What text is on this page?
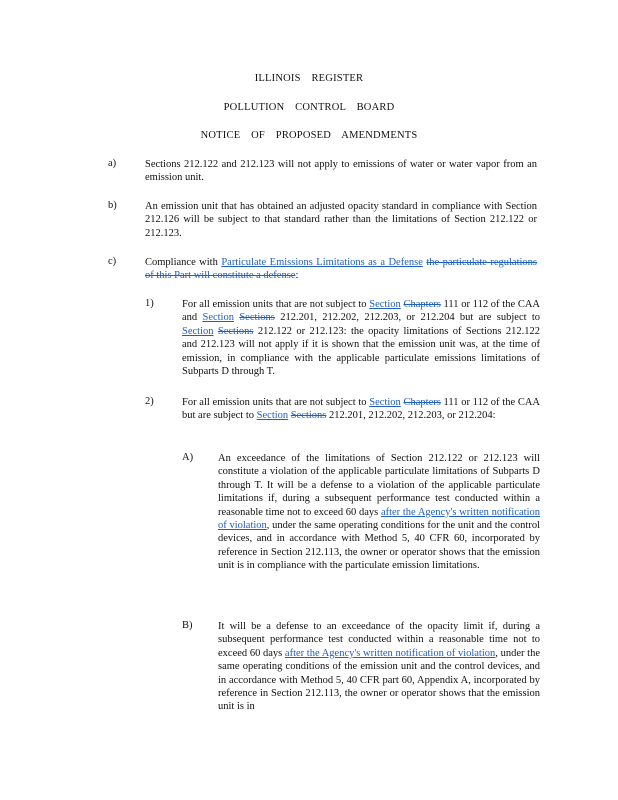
ILLINOIS REGISTER
POLLUTION CONTROL BOARD
NOTICE OF PROPOSED AMENDMENTS
a)	Sections 212.122 and 212.123 will not apply to emissions of water or water vapor from an emission unit.
b)	An emission unit that has obtained an adjusted opacity standard in compliance with Section 212.126 will be subject to that standard rather than the limitations of Section 212.122 or 212.123.
c)	Compliance with Particulate Emissions Limitations as a Defense the particulate regulations of this Part will constitute a defense:
1)	For all emission units that are not subject to Section Chapters 111 or 112 of the CAA and Section Sections 212.201, 212.202, 212.203, or 212.204 but are subject to Section Sections 212.122 or 212.123: the opacity limitations of Sections 212.122 and 212.123 will not apply if it is shown that the emission unit was, at the time of emission, in compliance with the applicable particulate emissions limitations of Subparts D through T.
2)	For all emission units that are not subject to Section Chapters 111 or 112 of the CAA but are subject to Section Sections 212.201, 212.202, 212.203, or 212.204:
A) An exceedance of the limitations of Section 212.122 or 212.123 will constitute a violation of the applicable particulate limitations of Subparts D through T. It will be a defense to a violation of the applicable particulate limitations if, during a subsequent performance test conducted within a reasonable time not to exceed 60 days after the Agency's written notification of violation, under the same operating conditions for the unit and the control devices, and in accordance with Method 5, 40 CFR 60, incorporated by reference in Section 212.113, the owner or operator shows that the emission unit is in compliance with the particulate emission limitations.
B) It will be a defense to an exceedance of the opacity limit if, during a subsequent performance test conducted within a reasonable time not to exceed 60 days after the Agency's written notification of violation, under the same operating conditions of the emission unit and the control devices, and in accordance with Method 5, 40 CFR part 60, Appendix A, incorporated by reference in Section 212.113, the owner or operator shows that the emission unit is in
